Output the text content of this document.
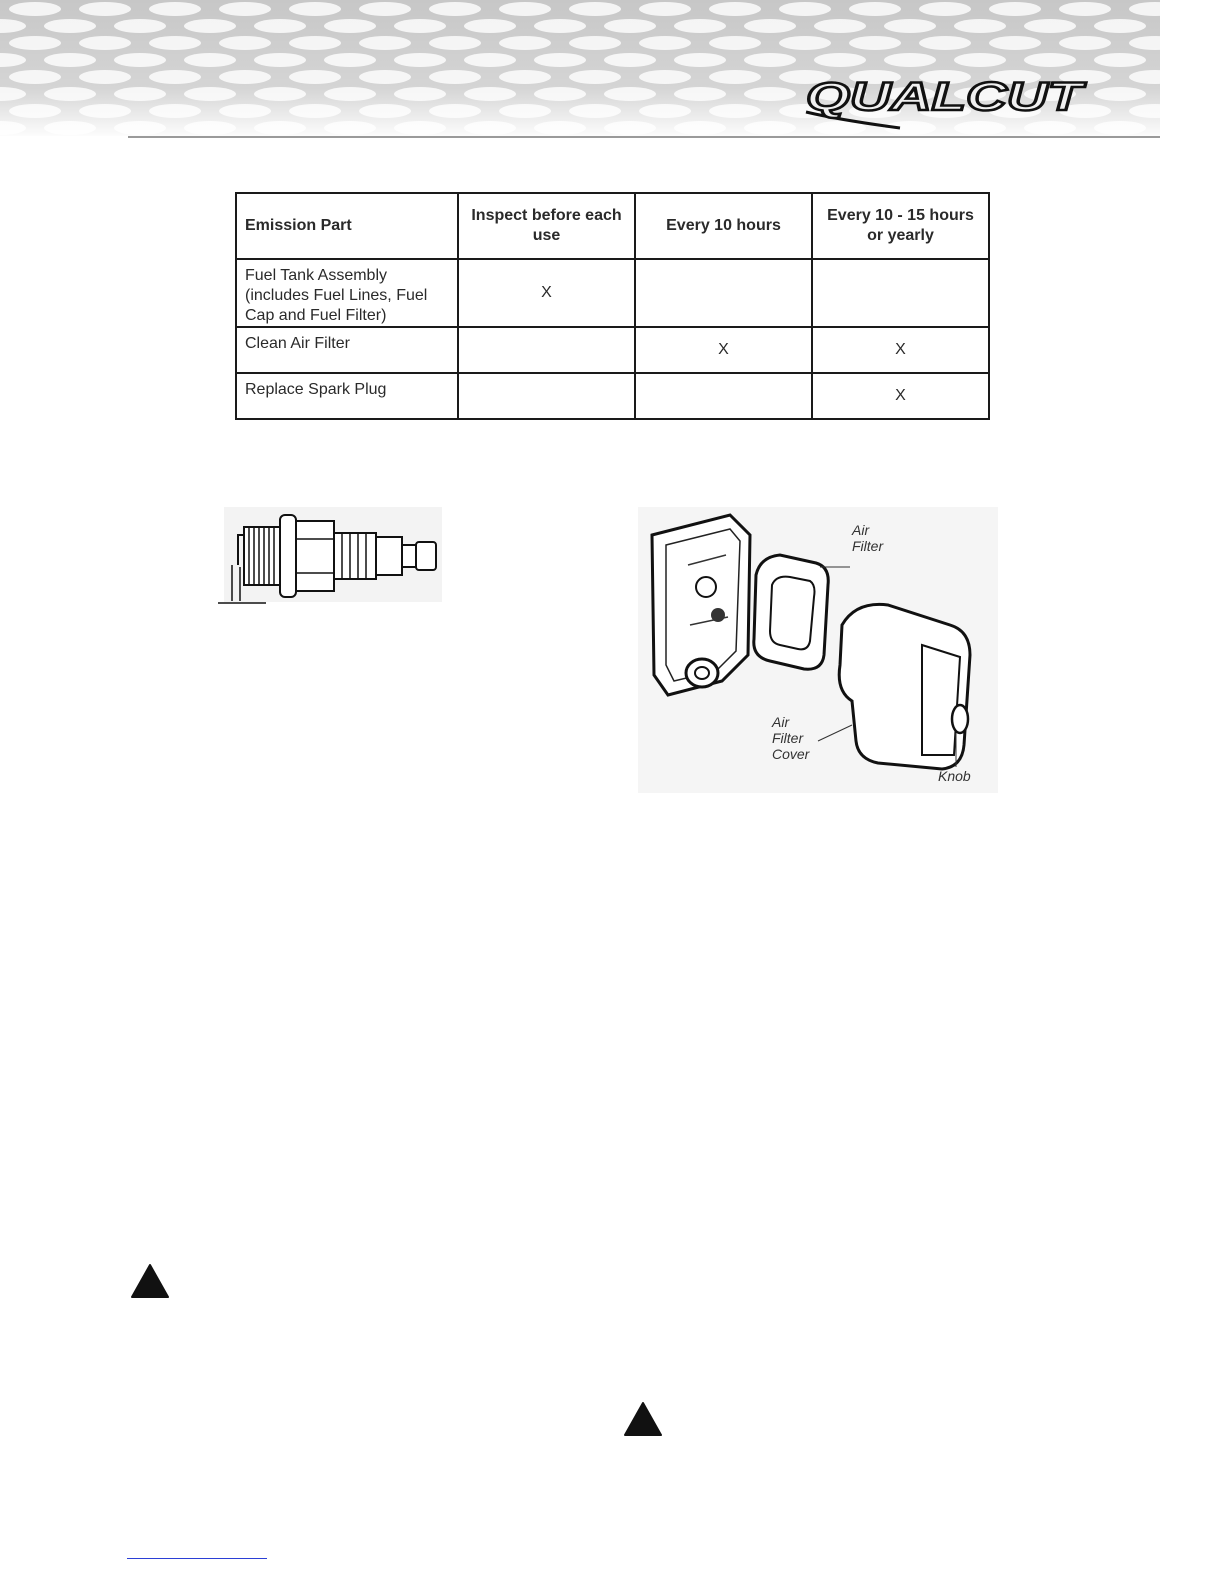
QUALCUT
Emission Part	Inspect before each use	Every 10 hours	Every 10 - 15 hours or yearly
Fuel Tank Assembly (includes Fuel Lines, Fuel Cap and Fuel Filter)	X		
Clean Air Filter		X	X
Replace Spark Plug			X
Air
Filter
Air
Filter
Cover
Knob
